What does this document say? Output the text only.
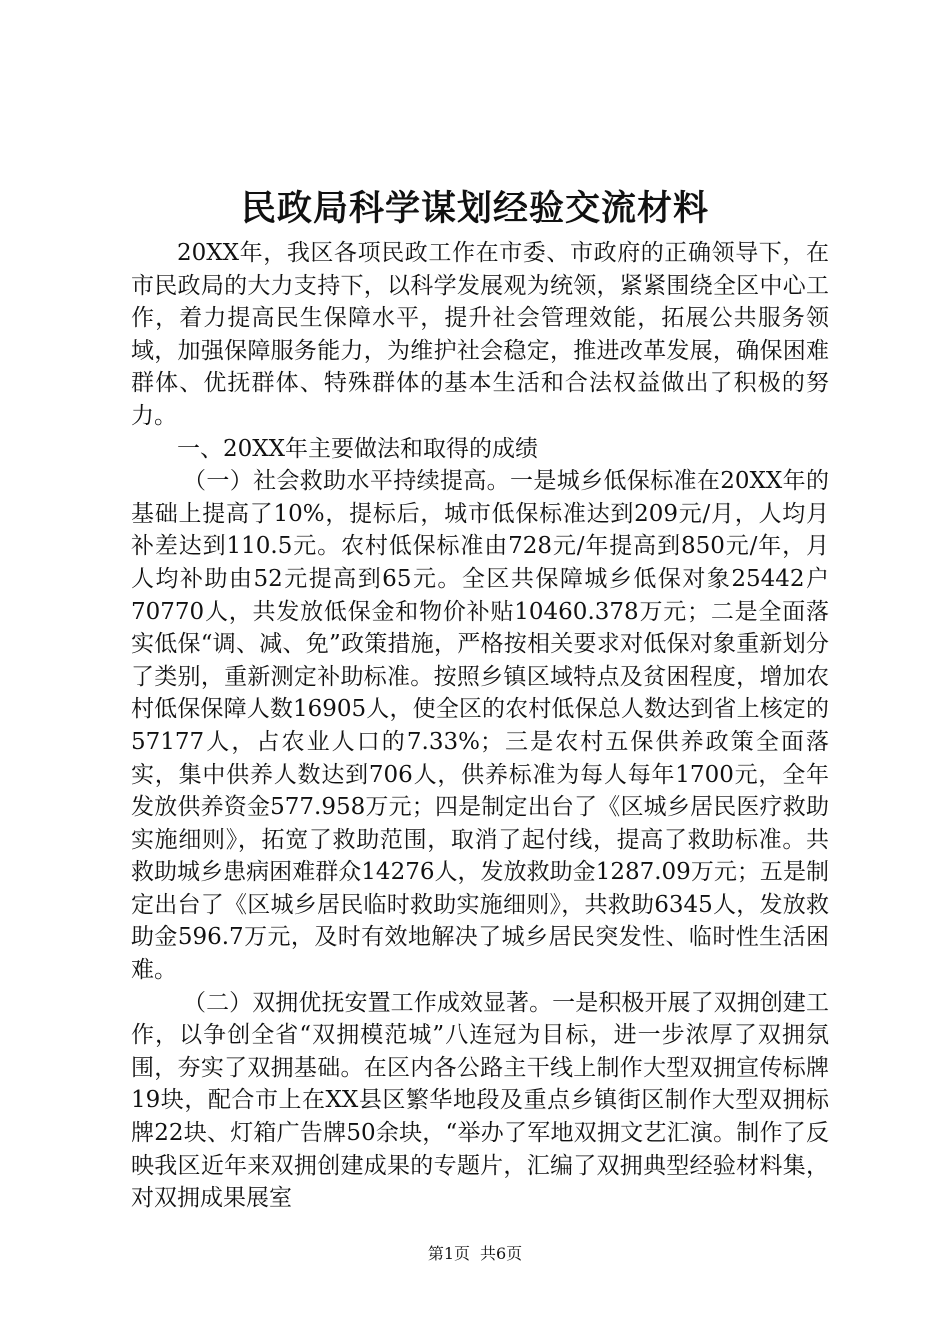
民政局科学谋划经验交流材料

20XX年，我区各项民政工作在市委、市政府的正确领导下，在市民政局的大力支持下，以科学发展观为统领，紧紧围绕全区中心工作，着力提高民生保障水平，提升社会管理效能，拓展公共服务领域，加强保障服务能力，为维护社会稳定，推进改革发展，确保困难群体、优抚群体、特殊群体的基本生活和合法权益做出了积极的努力。

一、20XX年主要做法和取得的成绩

（一）社会救助水平持续提高。一是城乡低保标准在20XX年的基础上提高了10%，提标后，城市低保标准达到209元/月，人均月补差达到110.5元。农村低保标准由728元/年提高到850元/年，月人均补助由52元提高到65元。全区共保障城乡低保对象25442户70770人，共发放低保金和物价补贴10460.378万元；二是全面落实低保“调、减、免”政策措施，严格按相关要求对低保对象重新划分了类别，重新测定补助标准。按照乡镇区域特点及贫困程度，增加农村低保保障人数16905人，使全区的农村低保总人数达到省上核定的57177人，占农业人口的7.33%；三是农村五保供养政策全面落实，集中供养人数达到706人，供养标准为每人每年1700元，全年发放供养资金577.958万元；四是制定出台了《区城乡居民医疗救助实施细则》，拓宽了救助范围，取消了起付线，提高了救助标准。共救助城乡患病困难群众14276人，发放救助金1287.09万元；五是制定出台了《区城乡居民临时救助实施细则》，共救助6345人，发放救助金596.7万元，及时有效地解决了城乡居民突发性、临时性生活困难。

（二）双拥优抚安置工作成效显著。一是积极开展了双拥创建工作，以争创全省“双拥模范城”八连冠为目标，进一步浓厚了双拥氛围，夯实了双拥基础。在区内各公路主干线上制作大型双拥宣传标牌19块，配合市上在XX县区繁华地段及重点乡镇街区制作大型双拥标牌22块、灯箱广告牌50余块，“举办了军地双拥文艺汇演。制作了反映我区近年来双拥创建成果的专题片，汇编了双拥典型经验材料集，对双拥成果展室

第1页 共6页
